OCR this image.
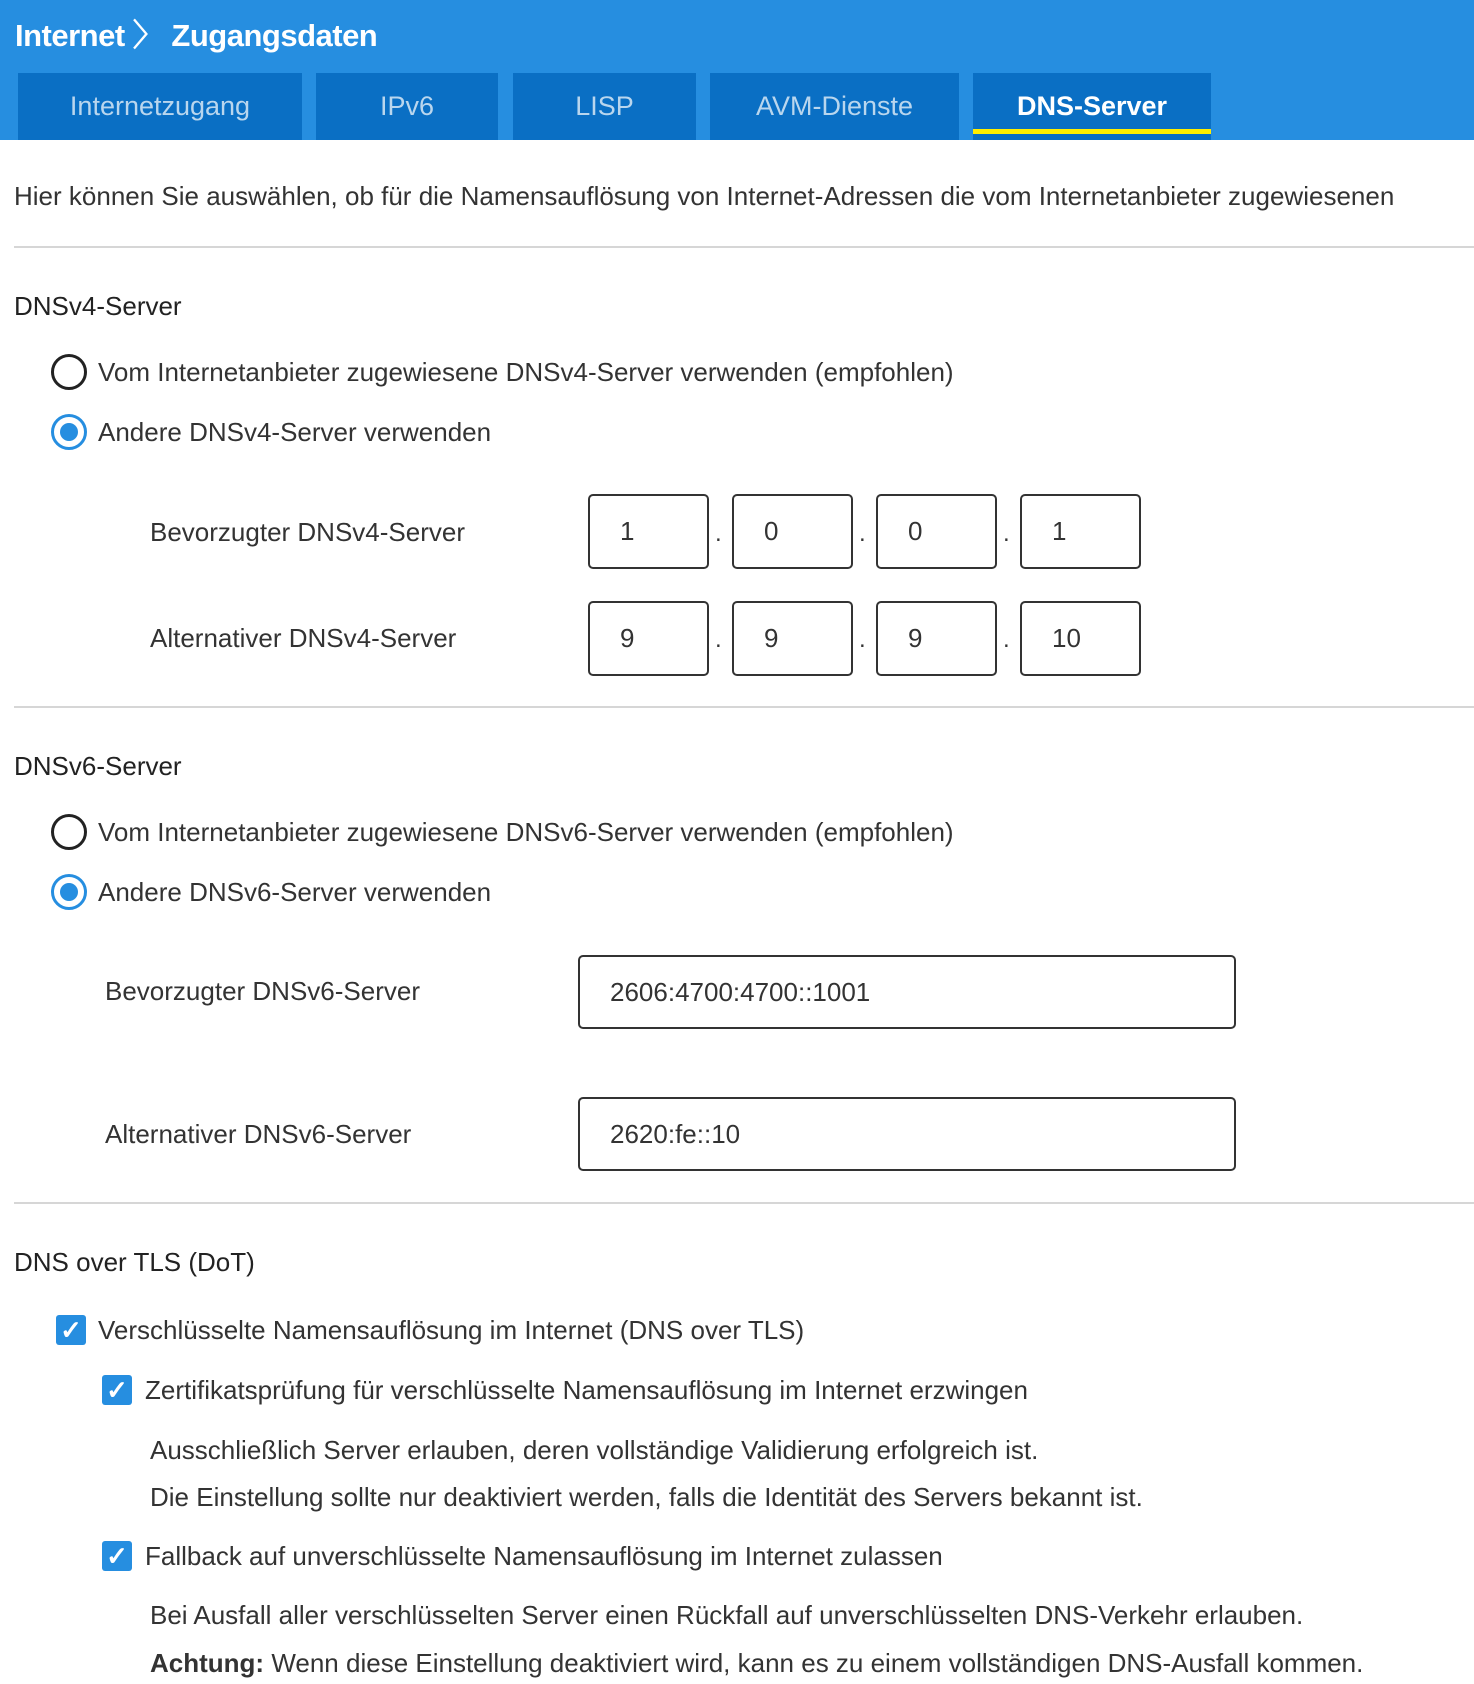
Internet 〉 Zugangsdaten
Internetzugang	IPv6	LISP	AVM-Dienste	DNS-Server
Hier können Sie auswählen, ob für die Namensauflösung von Internet-Adressen die vom Internetanbieter zugewiesenen
DNSv4-Server
Vom Internetanbieter zugewiesene DNSv4-Server verwenden (empfohlen)
Andere DNSv4-Server verwenden
Bevorzugter DNSv4-Server	1	.	0	.	0	.	1
Alternativer DNSv4-Server	9	.	9	.	9	.	10
DNSv6-Server
Vom Internetanbieter zugewiesene DNSv6-Server verwenden (empfohlen)
Andere DNSv6-Server verwenden
Bevorzugter DNSv6-Server	2606:4700:4700::1001
Alternativer DNSv6-Server	2620:fe::10
DNS over TLS (DoT)
✓ Verschlüsselte Namensauflösung im Internet (DNS over TLS)
✓ Zertifikatsprüfung für verschlüsselte Namensauflösung im Internet erzwingen
Ausschließlich Server erlauben, deren vollständige Validierung erfolgreich ist.
Die Einstellung sollte nur deaktiviert werden, falls die Identität des Servers bekannt ist.
✓ Fallback auf unverschlüsselte Namensauflösung im Internet zulassen
Bei Ausfall aller verschlüsselten Server einen Rückfall auf unverschlüsselten DNS-Verkehr erlauben.
Achtung: Wenn diese Einstellung deaktiviert wird, kann es zu einem vollständigen DNS-Ausfall kommen.
